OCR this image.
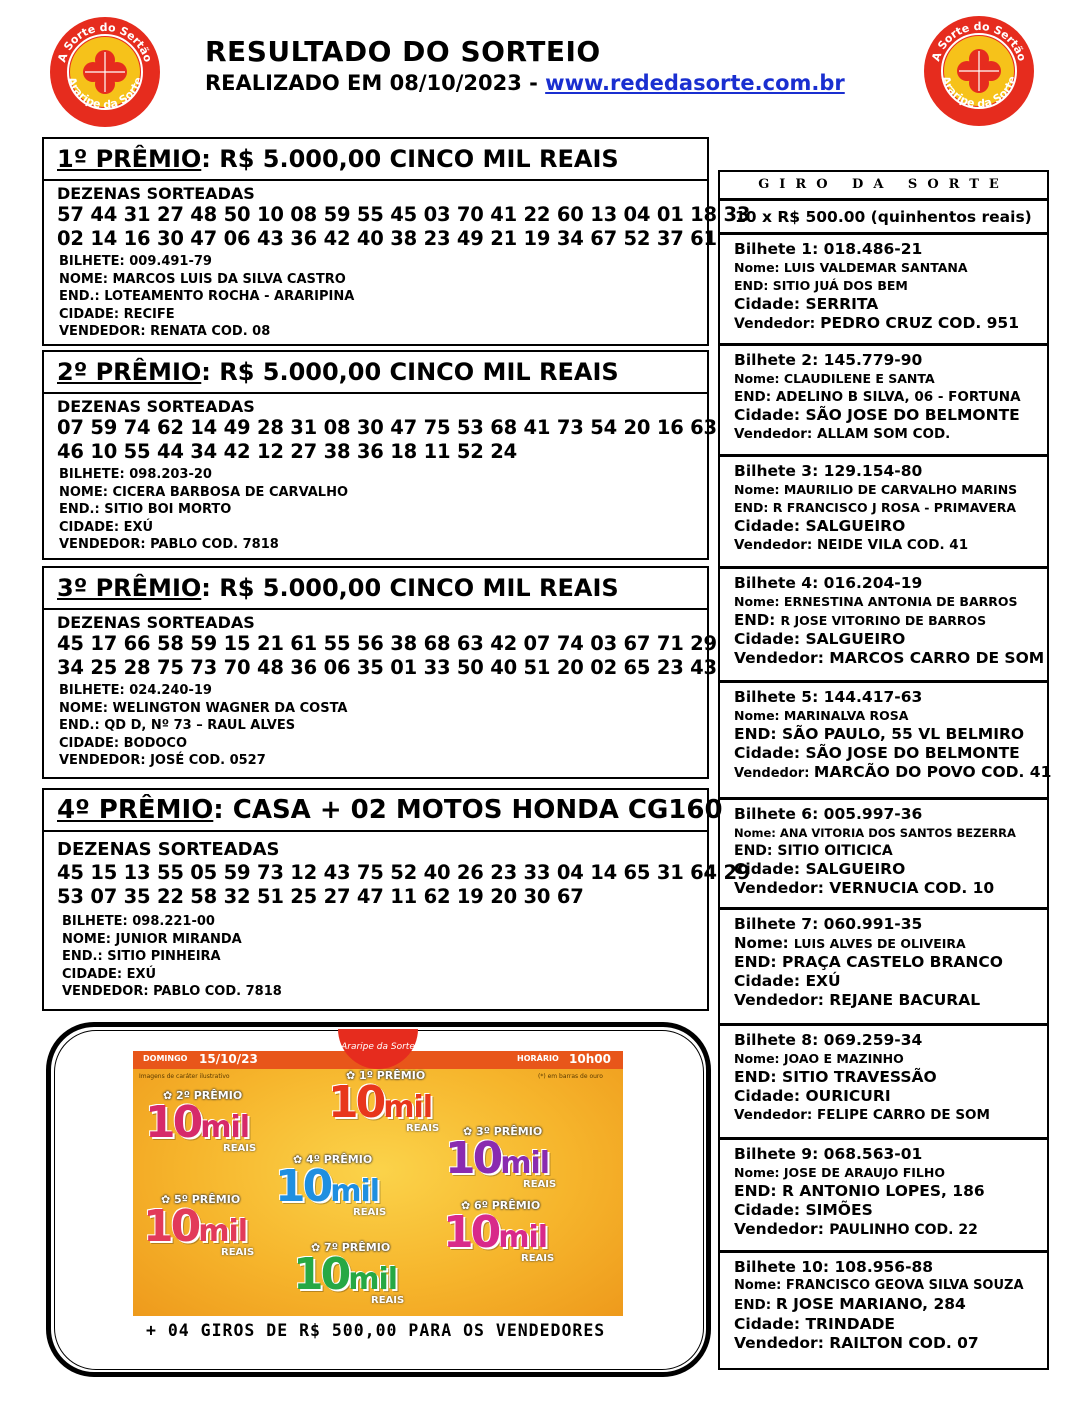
A Sorte do Sertão
Araripe da Sorte
A Sorte do Sertão
Araripe da Sorte
RESULTADO DO SORTEIO
REALIZADO EM 08/10/2023 - www.rededasorte.com.br
1º PRÊMIO: R$ 5.000,00 CINCO MIL REAIS
DEZENAS SORTEADAS
57 44 31 27 48 50 10 08 59 55 45 03 70 41 22 60 13 04 01 18 33
02 14 16 30 47 06 43 36 42 40 38 23 49 21 19 34 67 52 37 61
BILHETE: 009.491-79
NOME: MARCOS LUIS DA SILVA CASTRO
END.: LOTEAMENTO ROCHA - ARARIPINA
CIDADE: RECIFE
VENDEDOR: RENATA COD. 08
2º PRÊMIO: R$ 5.000,00 CINCO MIL REAIS
DEZENAS SORTEADAS
07 59 74 62 14 49 28 31 08 30 47 75 53 68 41 73 54 20 16 63
46 10 55 44 34 42 12 27 38 36 18 11 52 24
BILHETE: 098.203-20
NOME: CICERA BARBOSA DE CARVALHO
END.: SITIO BOI MORTO
CIDADE: EXÚ
VENDEDOR: PABLO COD. 7818
3º PRÊMIO: R$ 5.000,00 CINCO MIL REAIS
DEZENAS SORTEADAS
45 17 66 58 59 15 21 61 55 56 38 68 63 42 07 74 03 67 71 29
34 25 28 75 73 70 48 36 06 35 01 33 50 40 51 20 02 65 23 43
BILHETE: 024.240-19
NOME: WELINGTON WAGNER DA COSTA
END.: QD D, Nº 73 – RAUL ALVES
CIDADE: BODOCO
VENDEDOR: JOSÉ COD. 0527
4º PRÊMIO: CASA + 02 MOTOS HONDA CG160
DEZENAS SORTEADAS
45 15 13 55 05 59 73 12 43 75 52 40 26 23 33 04 14 65 31 64 29
53 07 35 22 58 32 51 25 27 47 11 62 19 20 30 67
BILHETE: 098.221-00
NOME: JUNIOR MIRANDA
END.: SITIO PINHEIRA
CIDADE: EXÚ
VENDEDOR: PABLO COD. 7818
GIRO DA SORTE
10 x R$ 500.00 (quinhentos reais)
Bilhete 1: 018.486-21
Nome: LUIS VALDEMAR SANTANA
END: SITIO JUÁ DOS BEM
Cidade: SERRITA
Vendedor: PEDRO CRUZ COD. 951
Bilhete 2: 145.779-90
Nome: CLAUDILENE E SANTA
END: ADELINO B SILVA, 06 - FORTUNA
Cidade: SÃO JOSE DO BELMONTE
Vendedor: ALLAM SOM COD.
Bilhete 3: 129.154-80
Nome: MAURILIO DE CARVALHO MARINS
END: R FRANCISCO J ROSA - PRIMAVERA
Cidade: SALGUEIRO
Vendedor: NEIDE VILA COD. 41
Bilhete 4: 016.204-19
Nome: ERNESTINA ANTONIA DE BARROS
END: R JOSE VITORINO DE BARROS
Cidade: SALGUEIRO
Vendedor: MARCOS CARRO DE SOM
Bilhete 5: 144.417-63
Nome: MARINALVA ROSA
END: SÃO PAULO, 55 VL BELMIRO
Cidade: SÃO JOSE DO BELMONTE
Vendedor: MARCÃO DO POVO COD. 41
Bilhete 6: 005.997-36
Nome: ANA VITORIA DOS SANTOS BEZERRA
END: SITIO OITICICA
Cidade: SALGUEIRO
Vendedor: VERNUCIA COD. 10
Bilhete 7: 060.991-35
Nome: LUIS ALVES DE OLIVEIRA
END: PRAÇA CASTELO BRANCO
Cidade: EXÚ
Vendedor: REJANE BACURAL
Bilhete 8: 069.259-34
Nome: JOAO E MAZINHO
END: SITIO TRAVESSÃO
Cidade: OURICURI
Vendedor: FELIPE CARRO DE SOM
Bilhete 9: 068.563-01
Nome: JOSE DE ARAUJO FILHO
END: R ANTONIO LOPES, 186
Cidade: SIMÕES
Vendedor: PAULINHO COD. 22
Bilhete 10: 108.956-88
Nome: FRANCISCO GEOVA SILVA SOUZA
END: R JOSE MARIANO, 284
Cidade: TRINDADE
Vendedor: RAILTON COD. 07
DOMINGO 15/10/23	HORÁRIO 10h00
Araripe da Sorte
Imagens de caráter ilustrativo	(*) em barras de ouro
✿ 1º PRÊMIO
10mil
REAIS
✿ 2º PRÊMIO
10mil
REAIS
✿ 3º PRÊMIO
10mil
REAIS
✿ 4º PRÊMIO
10mil
REAIS
✿ 5º PRÊMIO
10mil
REAIS
✿ 6º PRÊMIO
10mil
REAIS
✿ 7º PRÊMIO
10mil
REAIS
+ 04 GIROS DE R$ 500,00 PARA OS VENDEDORES
